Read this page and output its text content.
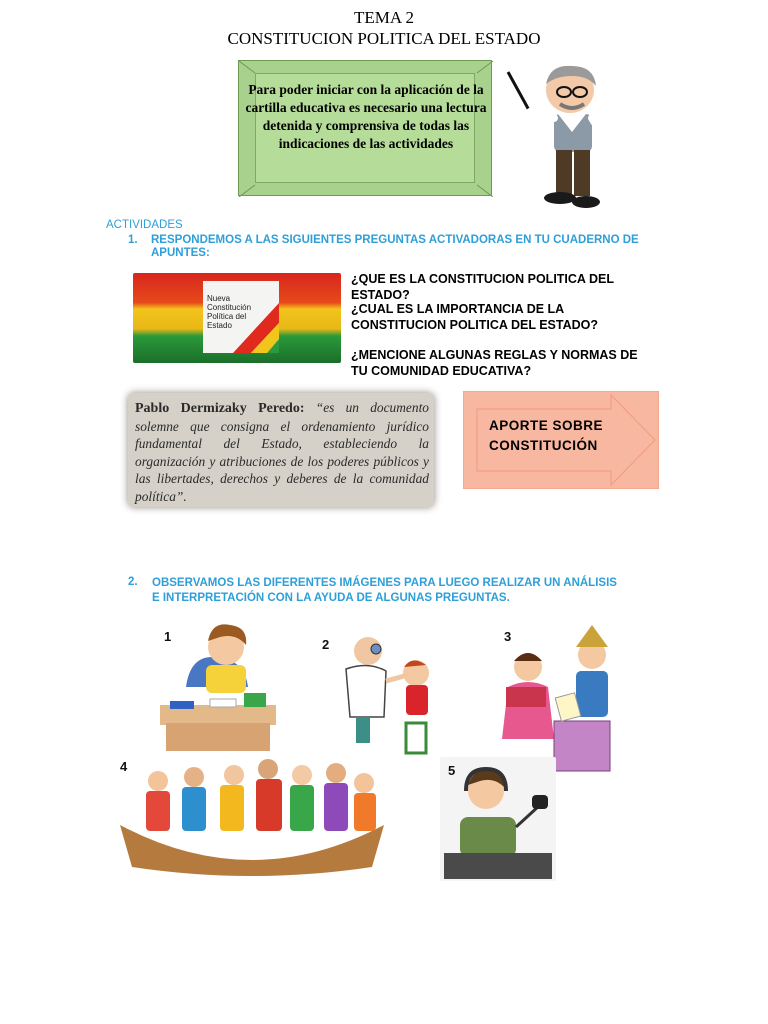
TEMA 2
CONSTITUCION POLITICA DEL ESTADO
Para poder iniciar con la aplicación de la cartilla educativa es necesario una lectura detenida y comprensiva de todas las indicaciones de las actividades
ACTIVIDADES
1. RESPONDEMOS A LAS SIGUIENTES PREGUNTAS ACTIVADORAS EN TU CUADERNO DE APUNTES:
Nueva
Constitución
Política del
Estado
¿QUE ES LA CONSTITUCION POLITICA DEL ESTADO?
¿CUAL ES LA IMPORTANCIA DE LA CONSTITUCION POLITICA DEL ESTADO?
¿MENCIONE ALGUNAS REGLAS Y NORMAS DE TU COMUNIDAD EDUCATIVA?
Pablo Dermizaky Peredo: “es un documento solemne que consigna el ordenamiento jurídico fundamental del Estado, estableciendo la organización y atribuciones de los poderes públicos y las libertades, derechos y deberes de la comunidad política”.
APORTE SOBRE
CONSTITUCIÓN
2. OBSERVAMOS LAS DIFERENTES IMÁGENES PARA LUEGO REALIZAR UN ANÁLISIS E INTERPRETACIÓN CON LA AYUDA DE ALGUNAS PREGUNTAS.
1
2
3
4	5
